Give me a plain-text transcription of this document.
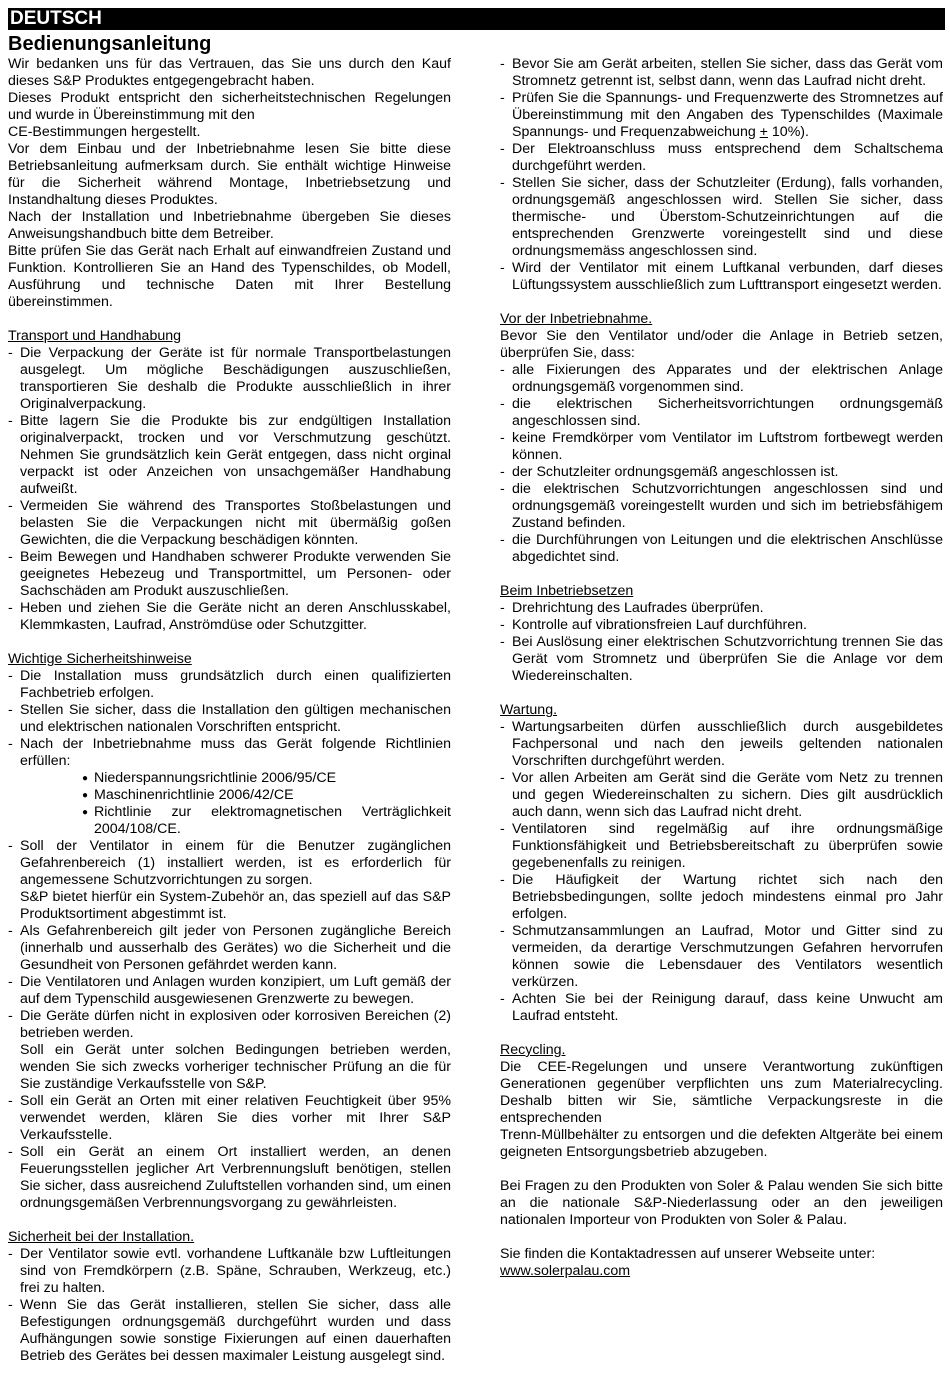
DEUTSCH
Bedienungsanleitung

Wir bedanken uns für das Vertrauen, das Sie uns durch den Kauf dieses S&P Produktes entgegengebracht haben.

Dieses Produkt entspricht den sicherheitstechnischen Regelungen und wurde in Übereinstimmung mit den

CE-Bestimmungen hergestellt.

Vor dem Einbau und der Inbetriebnahme lesen Sie bitte diese Betriebsanleitung aufmerksam durch. Sie enthält wichtige Hinweise für die Sicherheit während Montage, Inbetriebsetzung und Instandhaltung dieses Produktes.

Nach der Installation und Inbetriebnahme übergeben Sie dieses Anweisungshandbuch bitte dem Betreiber.

Bitte prüfen Sie das Gerät nach Erhalt auf einwandfreien Zustand und Funktion. Kontrollieren Sie an Hand des Typenschildes, ob Modell, Ausführung und technische Daten mit Ihrer Bestellung übereinstimmen.

Transport und Handhabung
- Die Verpackung der Geräte ist für normale Transportbelastungen ausgelegt. Um mögliche Beschädigungen auszuschließen, transportieren Sie deshalb die Produkte ausschließlich in ihrer Originalverpackung.
- Bitte lagern Sie die Produkte bis zur endgültigen Installation originalverpackt, trocken und vor Verschmutzung geschützt. Nehmen Sie grundsätzlich kein Gerät entgegen, dass nicht orginal verpackt ist oder Anzeichen von unsachgemäßer Handhabung aufweißt.
- Vermeiden Sie während des Transportes Stoßbelastungen und belasten Sie die Verpackungen nicht mit übermäßig goßen Gewichten, die die Verpackung beschädigen könnten.
- Beim Bewegen und Handhaben schwerer Produkte verwenden Sie geeignetes Hebezeug und Transportmittel, um Personen- oder Sachschäden am Produkt auszuschließen.
- Heben und ziehen Sie die Geräte nicht an deren Anschlusskabel, Klemmkasten, Laufrad, Anströmdüse oder Schutzgitter.
Wichtige Sicherheitshinweise
- Die Installation muss grundsätzlich durch einen qualifizierten Fachbetrieb erfolgen.
- Stellen Sie sicher, dass die Installation den gültigen mechanischen und elektrischen nationalen Vorschriften entspricht.
- Nach der Inbetriebnahme muss das Gerät folgende Richtlinien erfüllen:
● Niederspannungsrichtlinie 2006/95/CE
● Maschinenrichtlinie 2006/42/CE
● Richtlinie zur elektromagnetischen Verträglichkeit 2004/108/CE.

- Soll der Ventilator in einem für die Benutzer zugänglichen Gefahrenbereich (1) installiert werden, ist es erforderlich für angemessene Schutzvorrichtungen zu sorgen.

S&P bietet hierfür ein System-Zubehör an, das speziell auf das S&P Produktsortiment abgestimmt ist.

- Als Gefahrenbereich gilt jeder von Personen zugängliche Bereich (innerhalb und ausserhalb des Gerätes) wo die Sicherheit und die Gesundheit von Personen gefährdet werden kann.
- Die Ventilatoren und Anlagen wurden konzipiert, um Luft gemäß der auf dem Typenschild ausgewiesenen Grenzwerte zu bewegen.

- Die Geräte dürfen nicht in explosiven oder korrosiven Bereichen (2) betrieben werden.

Soll ein Gerät unter solchen Bedingungen betrieben werden, wenden Sie sich zwecks vorheriger technischer Prüfung an die für Sie zuständige Verkaufsstelle von S&P.

- Soll ein Gerät an Orten mit einer relativen Feuchtigkeit über 95% verwendet werden, klären Sie dies vorher mit Ihrer S&P Verkaufsstelle.
- Soll ein Gerät an einem Ort installiert werden, an denen Feuerungsstellen jeglicher Art Verbrennungsluft benötigen, stellen Sie sicher, dass ausreichend Zuluftstellen vorhanden sind, um einen ordnungsgemäßen Verbrennungsvorgang zu gewährleisten.
Sicherheit bei der Installation.
- Der Ventilator sowie evtl. vorhandene Luftkanäle bzw Luftleitungen sind von Fremdkörpern (z.B. Späne, Schrauben, Werkzeug, etc.) frei zu halten.
- Wenn Sie das Gerät installieren, stellen Sie sicher, dass alle Befestigungen ordnungsgemäß durchgeführt wurden und dass Aufhängungen sowie sonstige Fixierungen auf einen dauerhaften Betrieb des Gerätes bei dessen maximaler Leistung ausgelegt sind.
- Bevor Sie am Gerät arbeiten, stellen Sie sicher, dass das Gerät vom Stromnetz getrennt ist, selbst dann, wenn das Laufrad nicht dreht.
- Prüfen Sie die Spannungs- und Frequenzwerte des Stromnetzes auf Übereinstimmung mit den Angaben des Typenschildes (Maximale Spannungs- und Frequenzabweichung + 10%).
- Der Elektroanschluss muss entsprechend dem Schaltschema durchgeführt werden.
- Stellen Sie sicher, dass der Schutzleiter (Erdung), falls vorhanden, ordnungsgemäß angeschlossen wird. Stellen Sie sicher, dass thermische- und Überstom-Schutzeinrichtungen auf die entsprechenden Grenzwerte voreingestellt sind und diese ordnungsmemäss angeschlossen sind.
- Wird der Ventilator mit einem Luftkanal verbunden, darf dieses Lüftungssystem ausschließlich zum Lufttransport eingesetzt werden.
Vor der Inbetriebnahme.

Bevor Sie den Ventilator und/oder die Anlage in Betrieb setzen, überprüfen Sie, dass:

- alle Fixierungen des Apparates und der elektrischen Anlage ordnungsgemäß vorgenommen sind.
- die elektrischen Sicherheitsvorrichtungen ordnungsgemäß angeschlossen sind.
- keine Fremdkörper vom Ventilator im Luftstrom fortbewegt werden können.
- der Schutzleiter ordnungsgemäß angeschlossen ist.
- die elektrischen Schutzvorrichtungen angeschlossen sind und ordnungsgemäß voreingestellt wurden und sich im betriebsfähigem Zustand befinden.
- die Durchführungen von Leitungen und die elektrischen Anschlüsse abgedichtet sind.
Beim Inbetriebsetzen
- Drehrichtung des Laufrades überprüfen.
- Kontrolle auf vibrationsfreien Lauf durchführen.
- Bei Auslösung einer elektrischen Schutzvorrichtung trennen Sie das Gerät vom Stromnetz und überprüfen Sie die Anlage vor dem Wiedereinschalten.
Wartung.
- Wartungsarbeiten dürfen ausschließlich durch ausgebildetes Fachpersonal und nach den jeweils geltenden nationalen Vorschriften durchgeführt werden.
- Vor allen Arbeiten am Gerät sind die Geräte vom Netz zu trennen und gegen Wiedereinschalten zu sichern. Dies gilt ausdrücklich auch dann, wenn sich das Laufrad nicht dreht.
- Ventilatoren sind regelmäßig auf ihre ordnungsmäßige Funktionsfähigkeit und Betriebsbereitschaft zu überprüfen sowie gegebenenfalls zu reinigen.
- Die Häufigkeit der Wartung richtet sich nach den Betriebsbedingungen, sollte jedoch mindestens einmal pro Jahr erfolgen.
- Schmutzansammlungen an Laufrad, Motor und Gitter sind zu vermeiden, da derartige Verschmutzungen Gefahren hervorrufen können sowie die Lebensdauer des Ventilators wesentlich verkürzen.
- Achten Sie bei der Reinigung darauf, dass keine Unwucht am Laufrad entsteht.
Recycling.

Die CEE-Regelungen und unsere Verantwortung zukünftigen Generationen gegenüber verpflichten uns zum Materialrecycling. Deshalb bitten wir Sie, sämtliche Verpackungsreste in die entsprechenden

Trenn-Müllbehälter zu entsorgen und die defekten Altgeräte bei einem geigneten Entsorgungsbetrieb abzugeben.

Bei Fragen zu den Produkten von Soler & Palau wenden Sie sich bitte an die nationale S&P-Niederlassung oder an den jeweiligen nationalen Importeur von Produkten von Soler & Palau.

Sie finden die Kontaktadressen auf unserer Webseite unter:

www.solerpalau.com
